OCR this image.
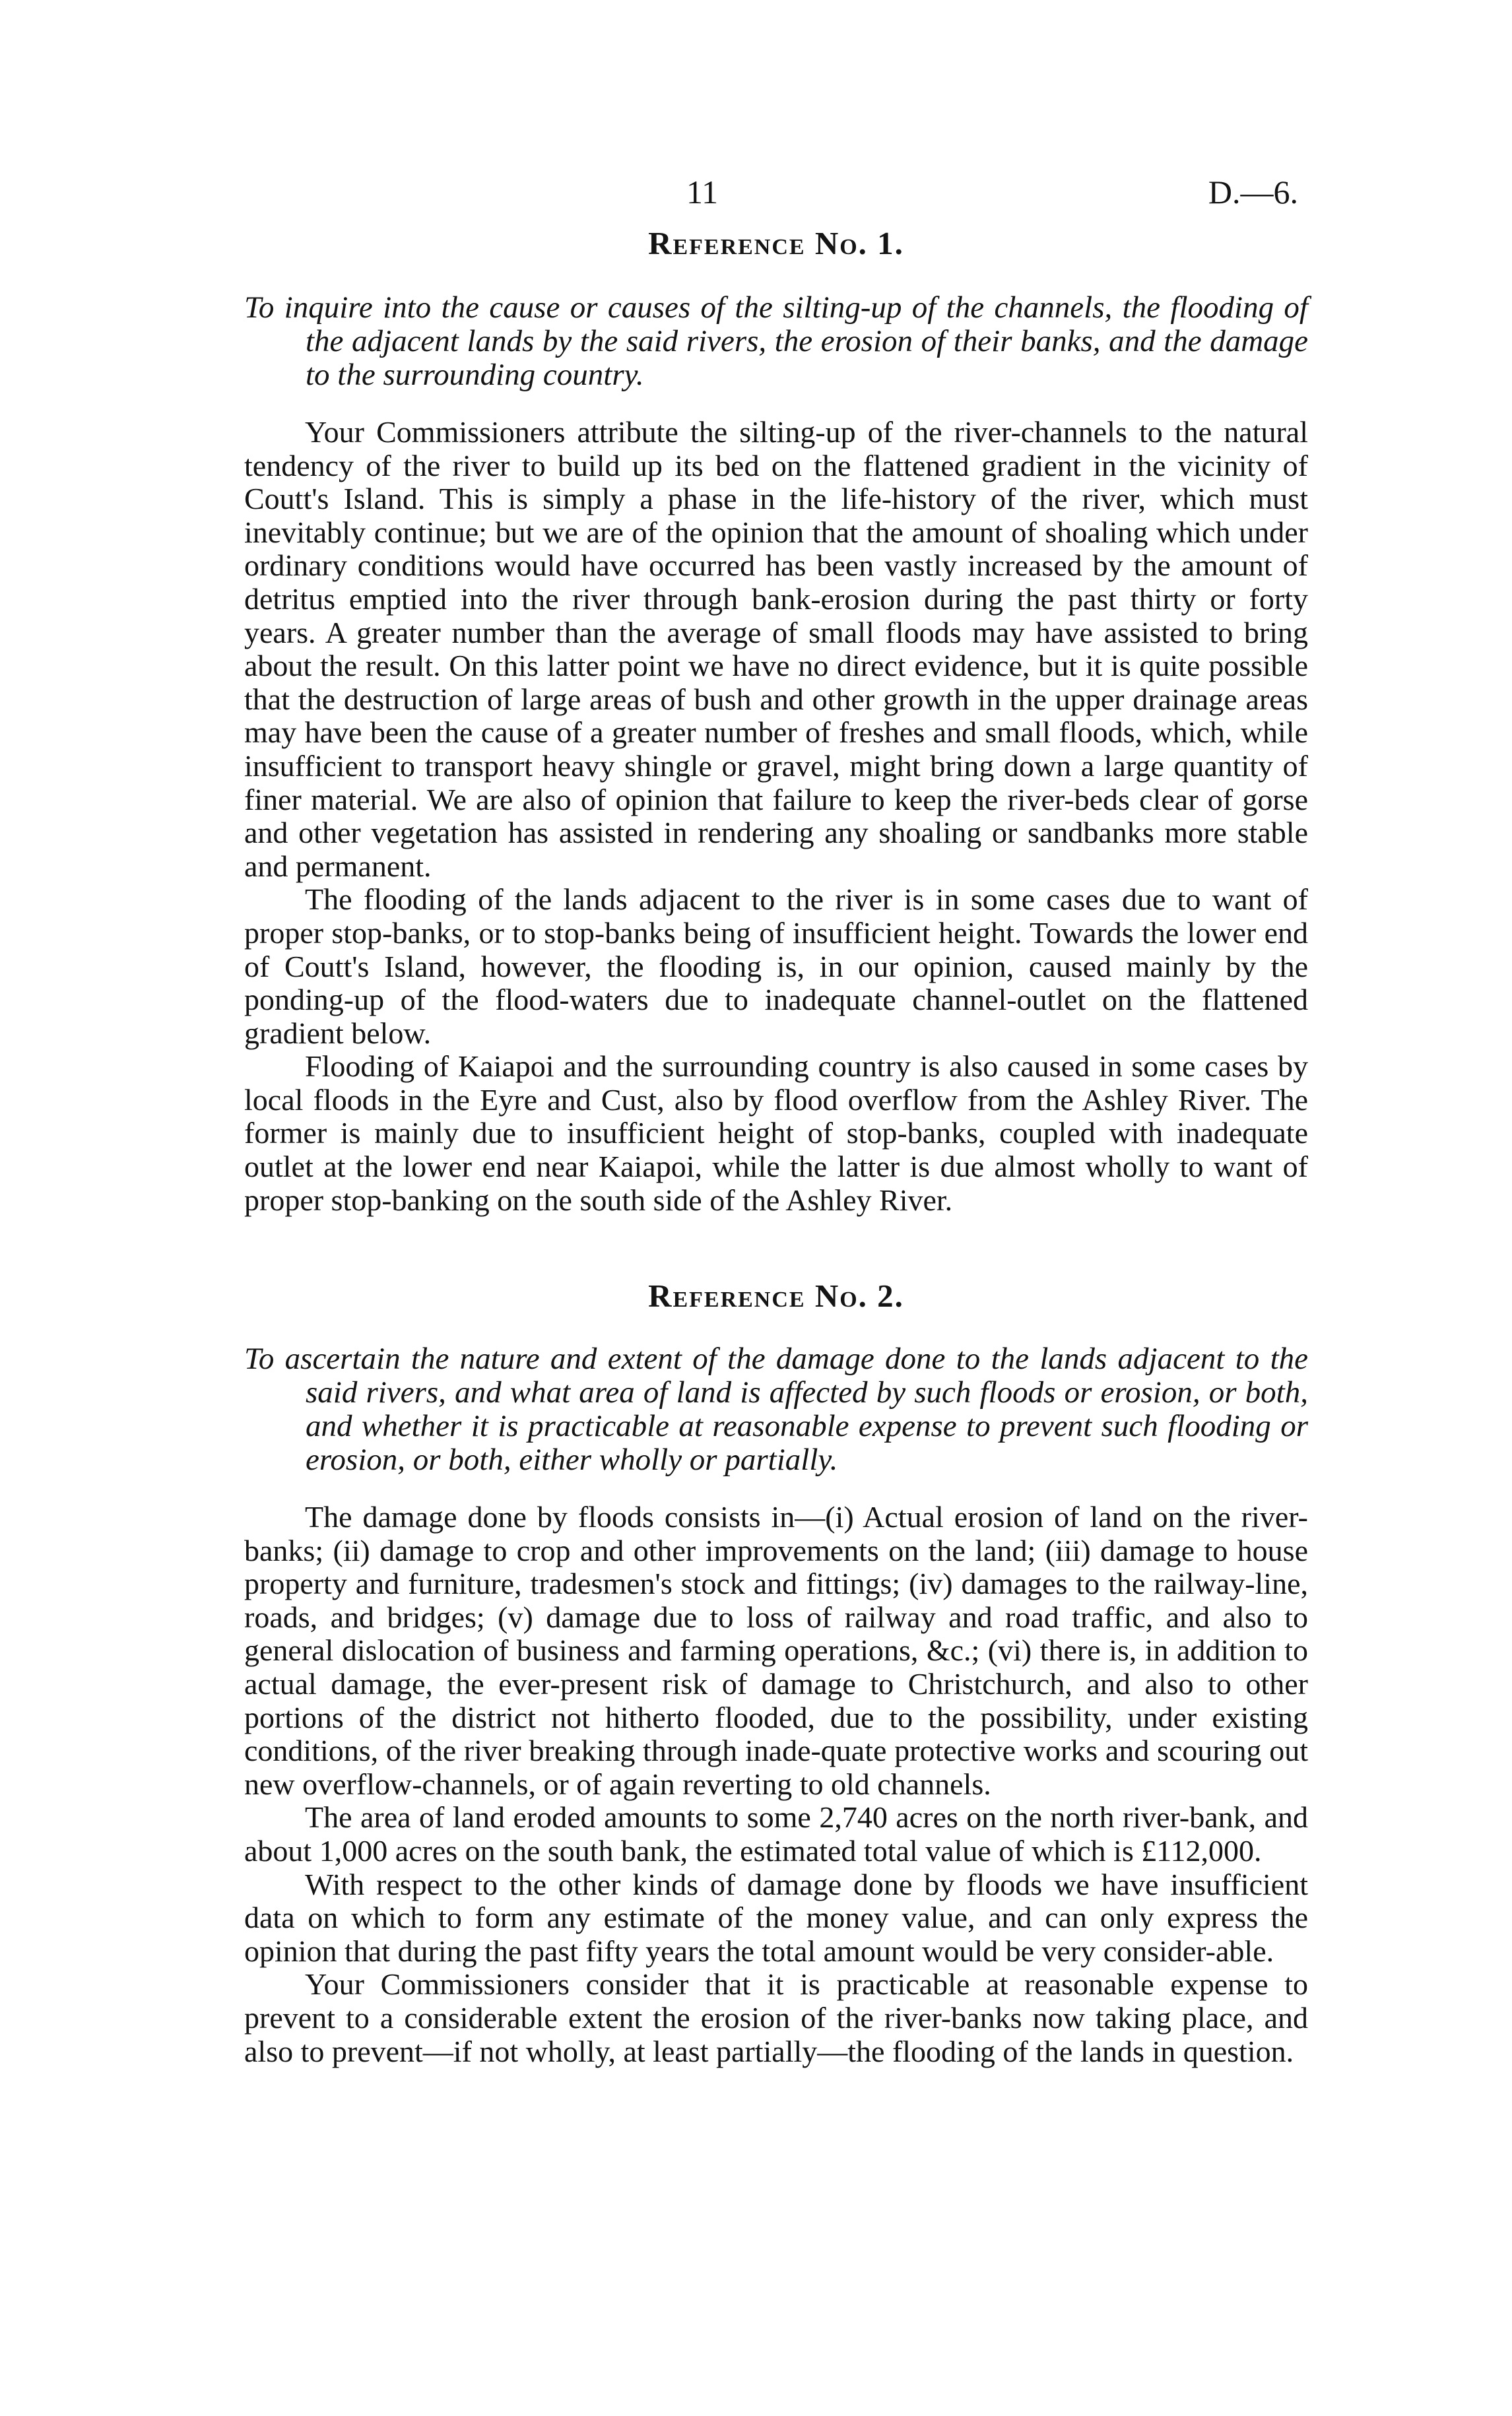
11	D.—6.
Reference No. 1.

To inquire into the cause or causes of the silting-up of the channels, the flooding of the adjacent lands by the said rivers, the erosion of their banks, and the damage to the surrounding country.

Your Commissioners attribute the silting-up of the river-channels to the natural tendency of the river to build up its bed on the flattened gradient in the vicinity of Coutt's Island. This is simply a phase in the life-history of the river, which must inevitably continue; but we are of the opinion that the amount of shoaling which under ordinary conditions would have occurred has been vastly increased by the amount of detritus emptied into the river through bank-erosion during the past thirty or forty years. A greater number than the average of small floods may have assisted to bring about the result. On this latter point we have no direct evidence, but it is quite possible that the destruction of large areas of bush and other growth in the upper drainage areas may have been the cause of a greater number of freshes and small floods, which, while insufficient to transport heavy shingle or gravel, might bring down a large quantity of finer material. We are also of opinion that failure to keep the river-beds clear of gorse and other vegetation has assisted in rendering any shoaling or sandbanks more stable and permanent.

The flooding of the lands adjacent to the river is in some cases due to want of proper stop-banks, or to stop-banks being of insufficient height. Towards the lower end of Coutt's Island, however, the flooding is, in our opinion, caused mainly by the ponding-up of the flood-waters due to inadequate channel-outlet on the flattened gradient below.

Flooding of Kaiapoi and the surrounding country is also caused in some cases by local floods in the Eyre and Cust, also by flood overflow from the Ashley River. The former is mainly due to insufficient height of stop-banks, coupled with inadequate outlet at the lower end near Kaiapoi, while the latter is due almost wholly to want of proper stop-banking on the south side of the Ashley River.

Reference No. 2.

To ascertain the nature and extent of the damage done to the lands adjacent to the said rivers, and what area of land is affected by such floods or erosion, or both, and whether it is practicable at reasonable expense to prevent such flooding or erosion, or both, either wholly or partially.

The damage done by floods consists in—(i) Actual erosion of land on the river-banks; (ii) damage to crop and other improvements on the land; (iii) damage to house property and furniture, tradesmen's stock and fittings; (iv) damages to the railway-line, roads, and bridges; (v) damage due to loss of railway and road traffic, and also to general dislocation of business and farming operations, &c.; (vi) there is, in addition to actual damage, the ever-present risk of damage to Christchurch, and also to other portions of the district not hitherto flooded, due to the possibility, under existing conditions, of the river breaking through inade-quate protective works and scouring out new overflow-channels, or of again reverting to old channels.

The area of land eroded amounts to some 2,740 acres on the north river-bank, and about 1,000 acres on the south bank, the estimated total value of which is £112,000.

With respect to the other kinds of damage done by floods we have insufficient data on which to form any estimate of the money value, and can only express the opinion that during the past fifty years the total amount would be very consider-able.

Your Commissioners consider that it is practicable at reasonable expense to prevent to a considerable extent the erosion of the river-banks now taking place, and also to prevent—if not wholly, at least partially—the flooding of the lands in question.
